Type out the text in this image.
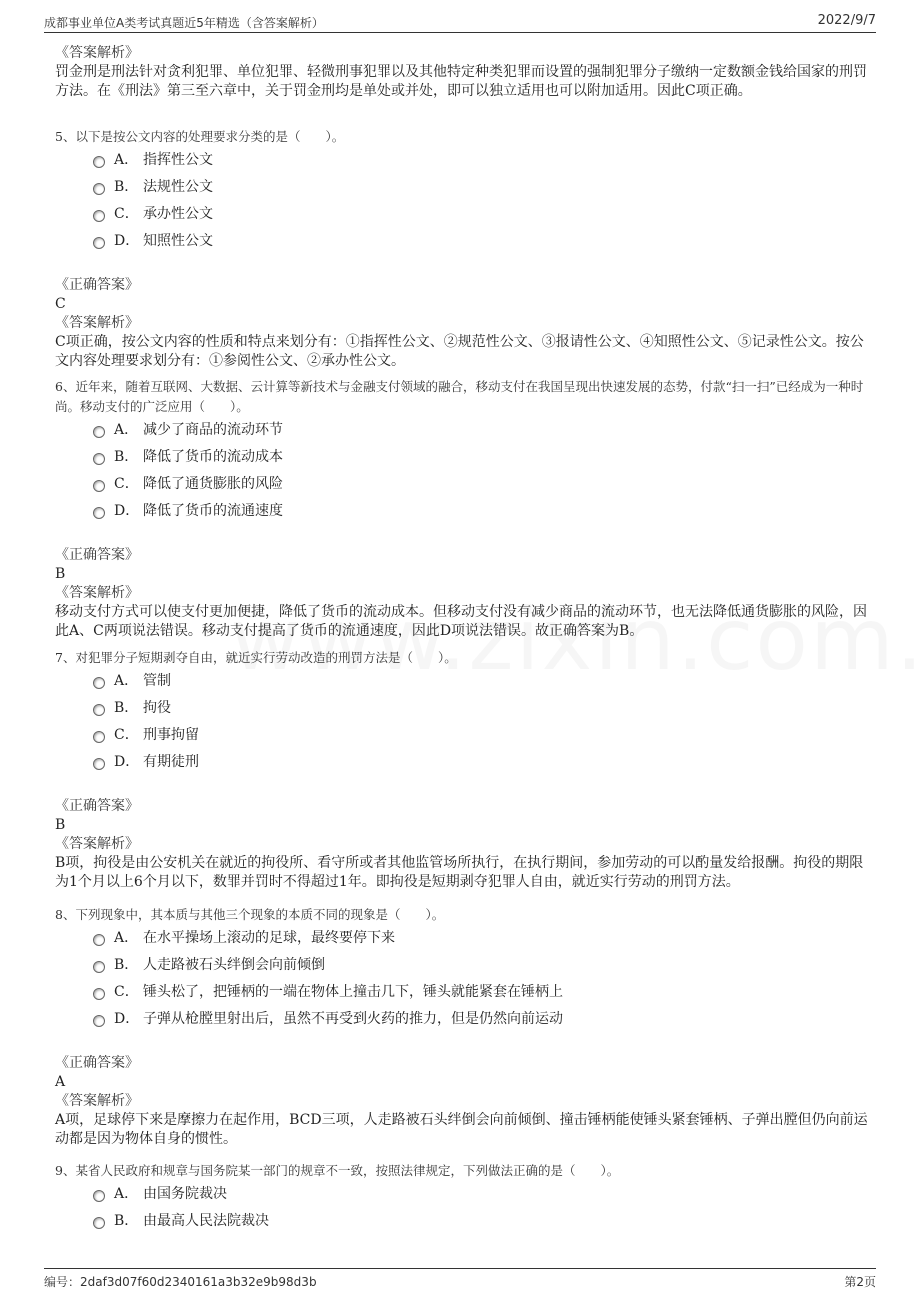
成都事业单位A类考试真题近5年精选（含答案解析）	2022/9/7
《答案解析》
罚金刑是刑法针对贪利犯罪、单位犯罪、轻微刑事犯罪以及其他特定种类犯罪而设置的强制犯罪分子缴纳一定数额金钱给国家的刑罚方法。在《刑法》第三至六章中，关于罚金刑均是单处或并处，即可以独立适用也可以附加适用。因此C项正确。
5、以下是按公文内容的处理要求分类的是（　　）。
A． 指挥性公文
B． 法规性公文
C． 承办性公文
D． 知照性公文
《正确答案》
C
《答案解析》
C项正确，按公文内容的性质和特点来划分有：①指挥性公文、②规范性公文、③报请性公文、④知照性公文、⑤记录性公文。按公文内容处理要求划分有：①参阅性公文、②承办性公文。
6、近年来，随着互联网、大数据、云计算等新技术与金融支付领域的融合，移动支付在我国呈现出快速发展的态势，付款“扫一扫”已经成为一种时尚。移动支付的广泛应用（　　）。
A． 减少了商品的流动环节
B． 降低了货币的流动成本
C． 降低了通货膨胀的风险
D． 降低了货币的流通速度
《正确答案》
B
《答案解析》
移动支付方式可以使支付更加便捷，降低了货币的流动成本。但移动支付没有减少商品的流动环节，也无法降低通货膨胀的风险，因此A、C两项说法错误。移动支付提高了货币的流通速度，因此D项说法错误。故正确答案为B。
7、对犯罪分子短期剥夺自由，就近实行劳动改造的刑罚方法是（　　）。
A． 管制
B． 拘役
C． 刑事拘留
D． 有期徒刑
《正确答案》
B
《答案解析》
B项，拘役是由公安机关在就近的拘役所、看守所或者其他监管场所执行，在执行期间，参加劳动的可以酌量发给报酬。拘役的期限为1个月以上6个月以下，数罪并罚时不得超过1年。即拘役是短期剥夺犯罪人自由，就近实行劳动的刑罚方法。
8、下列现象中，其本质与其他三个现象的本质不同的现象是（　　）。
A． 在水平操场上滚动的足球，最终要停下来
B． 人走路被石头绊倒会向前倾倒
C． 锤头松了，把锤柄的一端在物体上撞击几下，锤头就能紧套在锤柄上
D． 子弹从枪膛里射出后，虽然不再受到火药的推力，但是仍然向前运动
《正确答案》
A
《答案解析》
A项，足球停下来是摩擦力在起作用，BCD三项，人走路被石头绊倒会向前倾倒、撞击锤柄能使锤头紧套锤柄、子弹出膛但仍向前运动都是因为物体自身的惯性。
9、某省人民政府和规章与国务院某一部门的规章不一致，按照法律规定，下列做法正确的是（　　）。
A． 由国务院裁决
B． 由最高人民法院裁决
编号：2daf3d07f60d2340161a3b32e9b98d3b	第2页
